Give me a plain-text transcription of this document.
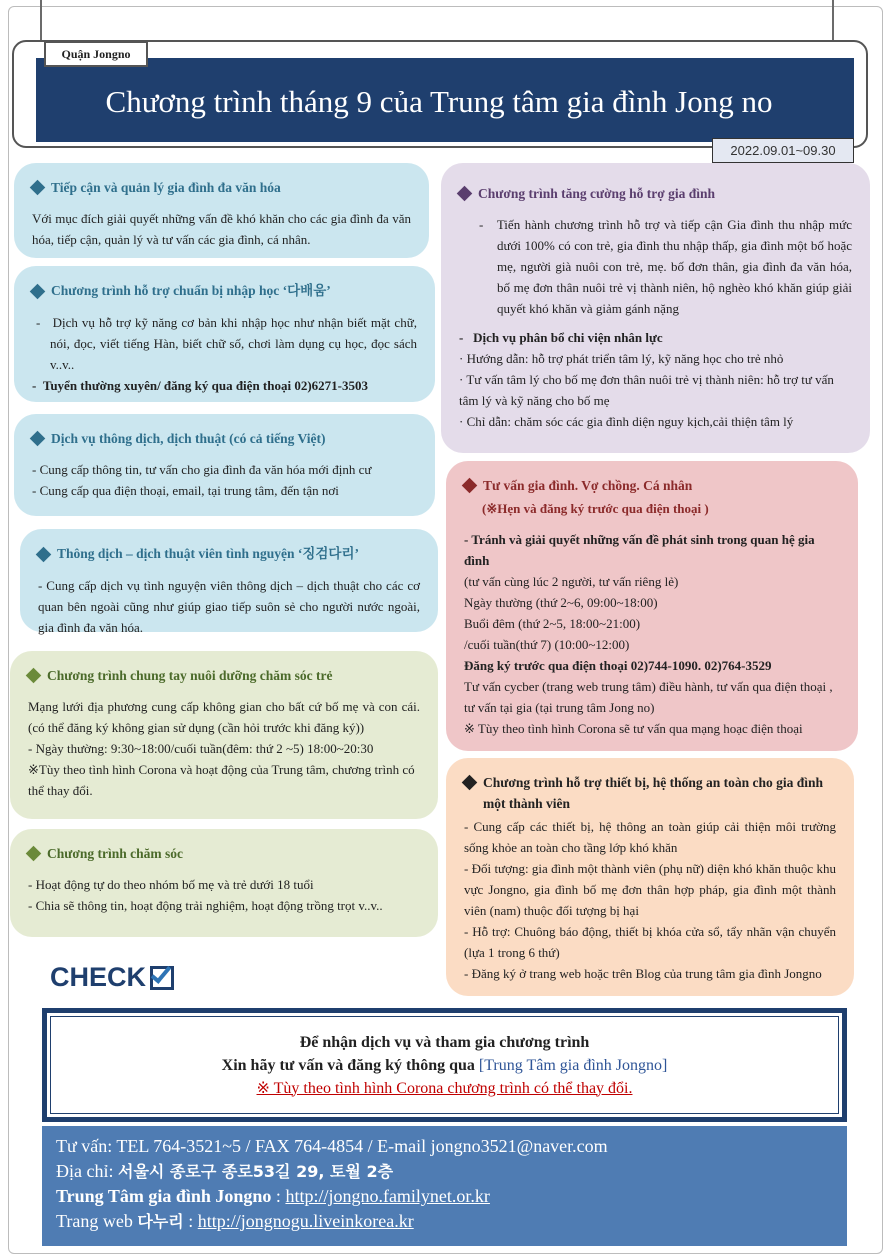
Quận Jongno
Chương trình tháng 9 của Trung tâm gia đình Jong no
2022.09.01~09.30
Tiếp cận và quản lý gia đình đa văn hóa

Với mục đích giải quyết những vấn đề khó khăn cho các gia đình đa văn hóa, tiếp cận, quản lý và tư vấn các gia đình, cá nhân.

Chương trình hỗ trợ chuẩn bị nhập học ‘다배움’

-   Dịch vụ hỗ trợ kỹ năng cơ bản khi nhập học như nhận biết mặt chữ, nói, đọc, viết tiếng Hàn, biết chữ số, chơi làm dụng cụ học, đọc sách v..v..

-  Tuyển thường xuyên/ đăng ký qua điện thoại 02)6271-3503

Dịch vụ thông dịch, dịch thuật (có cả tiếng Việt)

- Cung cấp thông tin, tư vấn cho gia đình đa văn hóa mới định cư

- Cung cấp qua điện thoại, email, tại trung tâm, đến tận nơi

Thông dịch – dịch thuật viên tình nguyện ‘징검다리’

- Cung cấp dịch vụ tình nguyện viên thông dịch – dịch thuật cho các cơ quan bên ngoài cũng như giúp giao tiếp suôn sẻ cho người nước ngoài, gia đình đa văn hóa.

Chương trình chung tay nuôi dưỡng chăm sóc trẻ

Mạng lưới địa phương cung cấp không gian cho bất cứ bố mẹ và con cái. (có thể đăng ký không gian sử dụng (cần hỏi trước khi đăng ký))

- Ngày thường: 9:30~18:00/cuối tuần(đêm: thứ 2 ~5) 18:00~20:30

※Tùy theo tình hình Corona và hoạt động của Trung tâm, chương trình có thể thay đổi.

Chương trình chăm sóc

- Hoạt động tự do theo nhóm bố mẹ và trẻ dưới 18 tuổi

- Chia sẽ thông tin, hoạt động trải nghiệm, hoạt động trồng trọt v..v..

Chương trình tăng cường hỗ trợ gia đình

-   Tiến hành chương trình hỗ trợ và tiếp cận Gia đình thu nhập mức dưới 100% có con trẻ, gia đình thu nhập thấp, gia đình một bố hoặc mẹ, người già nuôi con trẻ, mẹ. bố đơn thân, gia đình đa văn hóa, bố mẹ đơn thân nuôi trẻ vị thành niên, hộ nghèo khó khăn giúp giải quyết khó khăn và giảm gánh nặng

-   Dịch vụ phân bổ chi viện nhân lực

· Hướng dẫn: hỗ trợ phát triển tâm lý, kỹ năng học cho trẻ nhỏ

· Tư vấn tâm lý cho bố mẹ đơn thân nuôi trẻ vị thành niên: hỗ trợ tư vấn tâm lý và kỹ năng cho bố mẹ

· Chỉ dẫn: chăm sóc các gia đình diện nguy kịch,cải thiện tâm lý

Tư vấn gia đình. Vợ chồng. Cá nhân

(※Hẹn và đăng ký trước qua điện thoại )

- Tránh và giải quyết những vấn đề phát sinh trong quan hệ gia đình

(tư vấn cùng lúc 2 người, tư vấn riêng lẻ)

Ngày thường (thứ 2~6, 09:00~18:00)

Buổi đêm (thứ 2~5, 18:00~21:00)

/cuối tuần(thứ 7) (10:00~12:00)

Đăng ký trước qua điện thoại 02)744-1090. 02)764-3529

Tư vấn cycber (trang web trung tâm) điều hành, tư vấn qua điện thoại , tư vấn tại gia (tại trung tâm Jong no)

※ Tùy theo tình hình Corona sẽ tư vấn qua mạng hoạc điện thoại

Chương trình hỗ trợ thiết bị, hệ thống an toàn cho gia đình một thành viên

- Cung cấp các thiết bị, hệ thông an toàn giúp cải thiện môi trường sống khỏe an toàn cho tầng lớp khó khăn

- Đối tượng: gia đình một thành viên (phụ nữ) diện khó khăn thuộc khu vực Jongno, gia đình bố mẹ đơn thân hợp pháp, gia đình một thành viên (nam) thuộc đối tượng bị hại

- Hỗ trợ: Chuông báo động, thiết bị khóa cửa sổ, tẩy nhãn vận chuyển (lựa 1 trong 6 thứ)

- Đăng ký ở trang web hoặc trên Blog của trung tâm gia đình Jongno

CHECK
Để nhận dịch vụ và tham gia chương trình
Xin hãy tư vấn và đăng ký thông qua [Trung Tâm gia đình Jongno]
※ Tùy theo tình hình Corona chương trình có thể thay đổi.
Tư vấn: TEL 764-3521~5 / FAX 764-4854 / E-mail jongno3521@naver.com
Địa chỉ: 서울시 종로구 종로53길 29, 토월 2층
Trung Tâm gia đình Jongno : http://jongno.familynet.or.kr
Trang web 다누리 : http://jongnogu.liveinkorea.kr
